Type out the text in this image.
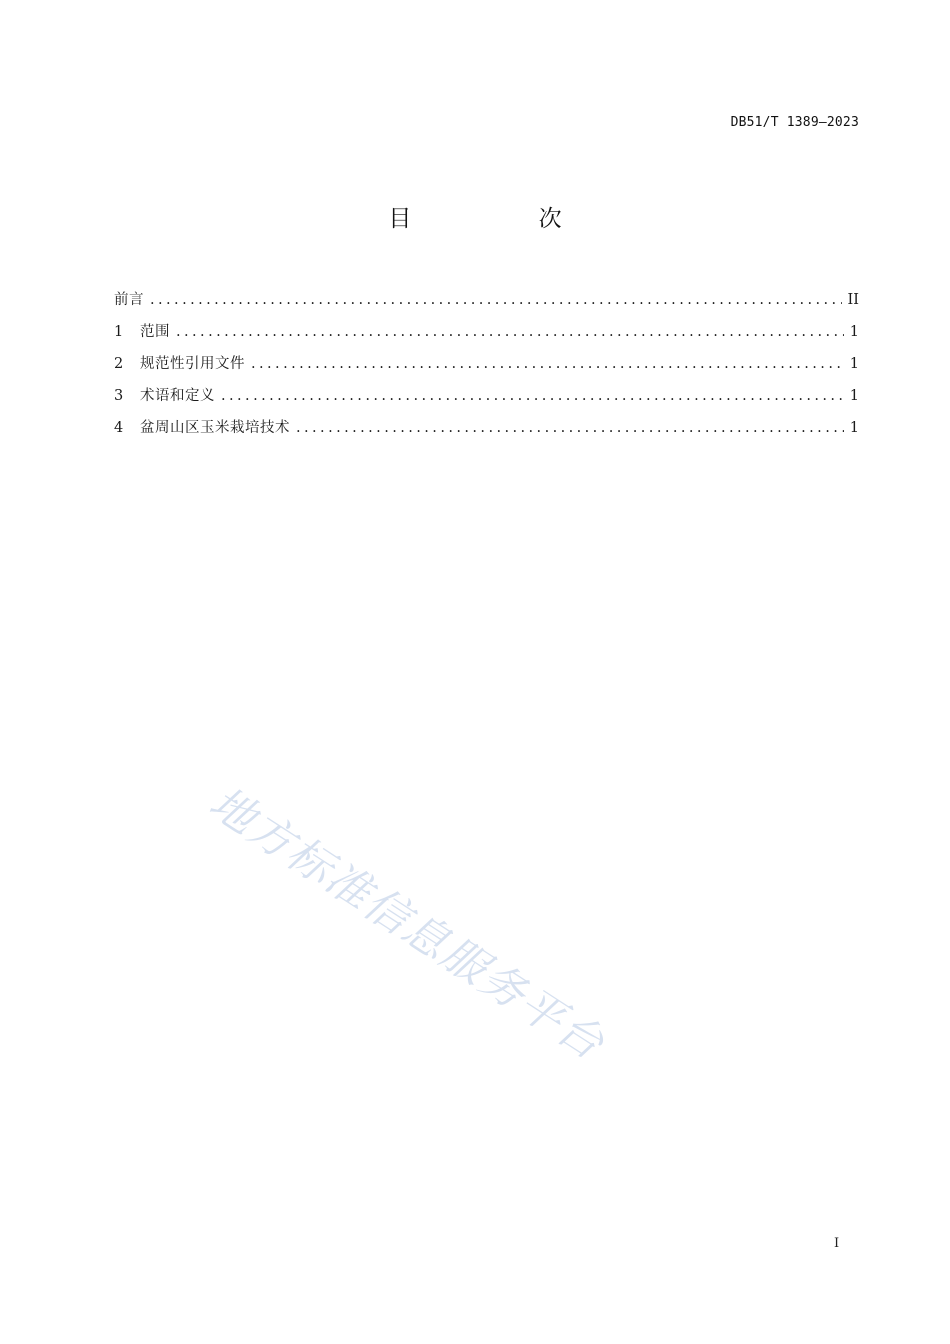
DB51/T 1389—2023
目 次
前言 . . .	II
1	范围 . . .	1
2	规范性引用文件 . . .	1
3	术语和定义 . . .	1
4	盆周山区玉米栽培技术 . . .	1
地方标准信息服务平台
I
